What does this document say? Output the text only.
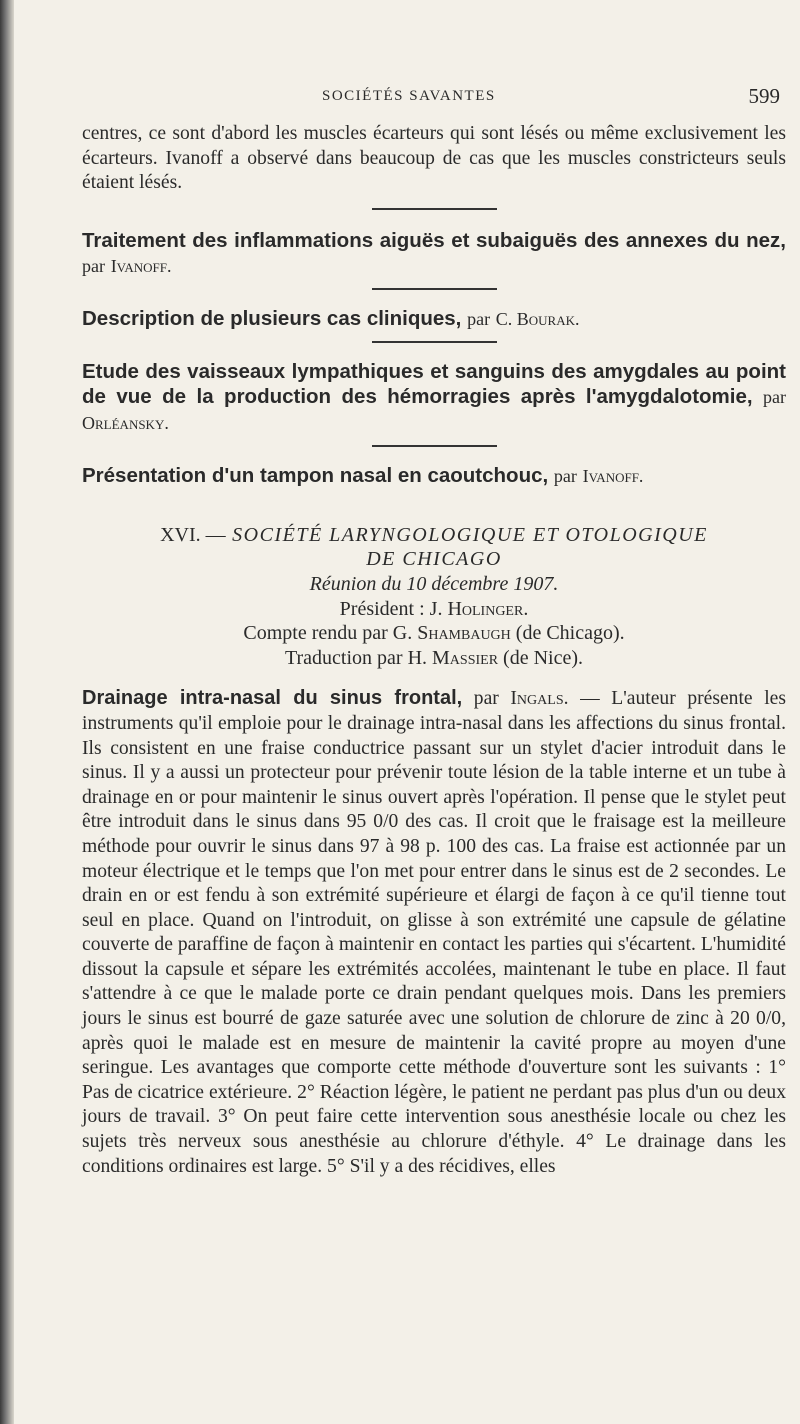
SOCIÉTÉS SAVANTES	599

centres, ce sont d'abord les muscles écarteurs qui sont lésés ou même exclusivement les écarteurs. Ivanoff a observé dans beaucoup de cas que les muscles constricteurs seuls étaient lésés.

Traitement des inflammations aiguës et subaiguës des annexes du nez, par Ivanoff.

Description de plusieurs cas cliniques, par C. Bourak.

Etude des vaisseaux lympathiques et sanguins des amygdales au point de vue de la production des hémorragies après l'amygdalotomie, par Orléansky.

Présentation d'un tampon nasal en caoutchouc, par Ivanoff.

XVI. — SOCIÉTÉ LARYNGOLOGIQUE ET OTOLOGIQUE
DE CHICAGO
Réunion du 10 décembre 1907.
Président : J. Holinger.
Compte rendu par G. Shambaugh (de Chicago).
Traduction par H. Massier (de Nice).

Drainage intra-nasal du sinus frontal, par Ingals. — L'auteur présente les instruments qu'il emploie pour le drainage intra-nasal dans les affections du sinus frontal. Ils consistent en une fraise conductrice passant sur un stylet d'acier introduit dans le sinus. Il y a aussi un protecteur pour prévenir toute lésion de la table interne et un tube à drainage en or pour maintenir le sinus ouvert après l'opération. Il pense que le stylet peut être introduit dans le sinus dans 95 0/0 des cas. Il croit que le fraisage est la meilleure méthode pour ouvrir le sinus dans 97 à 98 p. 100 des cas. La fraise est actionnée par un moteur électrique et le temps que l'on met pour entrer dans le sinus est de 2 secondes. Le drain en or est fendu à son extrémité supérieure et élargi de façon à ce qu'il tienne tout seul en place. Quand on l'introduit, on glisse à son extrémité une capsule de gélatine couverte de paraffine de façon à maintenir en contact les parties qui s'écartent. L'humidité dissout la capsule et sépare les extrémités accolées, maintenant le tube en place. Il faut s'attendre à ce que le malade porte ce drain pendant quelques mois. Dans les premiers jours le sinus est bourré de gaze saturée avec une solution de chlorure de zinc à 20 0/0, après quoi le malade est en mesure de maintenir la cavité propre au moyen d'une seringue. Les avantages que comporte cette méthode d'ouverture sont les suivants : 1° Pas de cicatrice extérieure. 2° Réaction légère, le patient ne perdant pas plus d'un ou deux jours de travail. 3° On peut faire cette intervention sous anesthésie locale ou chez les sujets très nerveux sous anesthésie au chlorure d'éthyle. 4° Le drainage dans les conditions ordinaires est large. 5° S'il y a des récidives, elles
